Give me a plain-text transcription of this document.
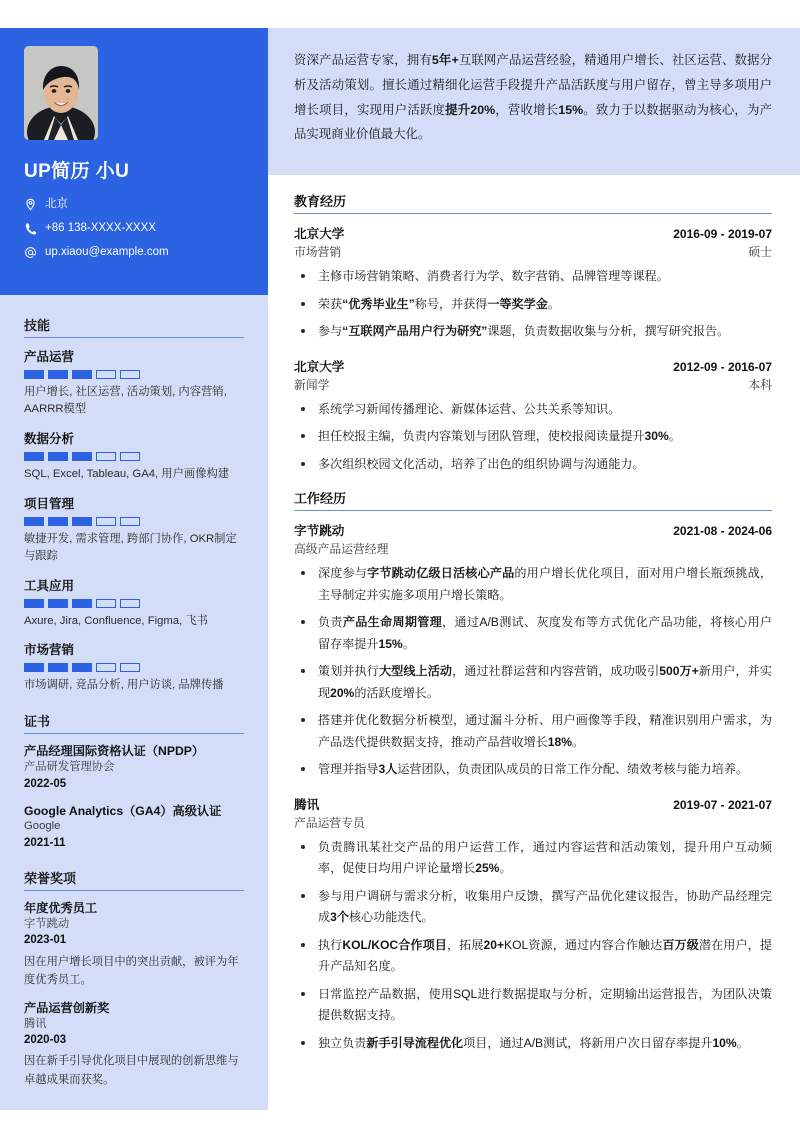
UP简历 小U
北京
+86 138-XXXX-XXXX
up.xiaou@example.com
技能
产品运营
用户增长, 社区运营, 活动策划, 内容营销, AARRR模型
数据分析
SQL, Excel, Tableau, GA4, 用户画像构建
项目管理
敏捷开发, 需求管理, 跨部门协作, OKR制定与跟踪
工具应用
Axure, Jira, Confluence, Figma, 飞书
市场营销
市场调研, 竞品分析, 用户访谈, 品牌传播
证书
产品经理国际资格认证（NPDP）
产品研发管理协会
2022-05
Google Analytics（GA4）高级认证
Google
2021-11
荣誉奖项
年度优秀员工
字节跳动
2023-01
因在用户增长项目中的突出贡献，被评为年度优秀员工。
产品运营创新奖
腾讯
2020-03
因在新手引导优化项目中展现的创新思维与卓越成果而获奖。

资深产品运营专家，拥有5年+互联网产品运营经验，精通用户增长、社区运营、数据分析及活动策划。擅长通过精细化运营手段提升产品活跃度与用户留存，曾主导多项用户增长项目，实现用户活跃度提升20%，营收增长15%。致力于以数据驱动为核心，为产品实现商业价值最大化。

教育经历
北京大学	2016-09 - 2019-07
市场营销	硕士
主修市场营销策略、消费者行为学、数字营销、品牌管理等课程。
荣获“优秀毕业生”称号，并获得一等奖学金。
参与“互联网产品用户行为研究”课题，负责数据收集与分析，撰写研究报告。
北京大学	2012-09 - 2016-07
新闻学	本科
系统学习新闻传播理论、新媒体运营、公共关系等知识。
担任校报主编，负责内容策划与团队管理，使校报阅读量提升30%。
多次组织校园文化活动，培养了出色的组织协调与沟通能力。
工作经历
字节跳动	2021-08 - 2024-06
高级产品运营经理
深度参与字节跳动亿级日活核心产品的用户增长优化项目，面对用户增长瓶颈挑战，主导制定并实施多项用户增长策略。
负责产品生命周期管理，通过A/B测试、灰度发布等方式优化产品功能，将核心用户留存率提升15%。
策划并执行大型线上活动，通过社群运营和内容营销，成功吸引500万+新用户，并实现20%的活跃度增长。
搭建并优化数据分析模型，通过漏斗分析、用户画像等手段，精准识别用户需求，为产品迭代提供数据支持，推动产品营收增长18%。
管理并指导3人运营团队，负责团队成员的日常工作分配、绩效考核与能力培养。
腾讯	2019-07 - 2021-07
产品运营专员
负责腾讯某社交产品的用户运营工作，通过内容运营和活动策划，提升用户互动频率，促使日均用户评论量增长25%。
参与用户调研与需求分析，收集用户反馈，撰写产品优化建议报告，协助产品经理完成3个核心功能迭代。
执行KOL/KOC合作项目，拓展20+KOL资源，通过内容合作触达百万级潜在用户，提升产品知名度。
日常监控产品数据，使用SQL进行数据提取与分析，定期输出运营报告，为团队决策提供数据支持。
独立负责新手引导流程优化项目，通过A/B测试，将新用户次日留存率提升10%。
